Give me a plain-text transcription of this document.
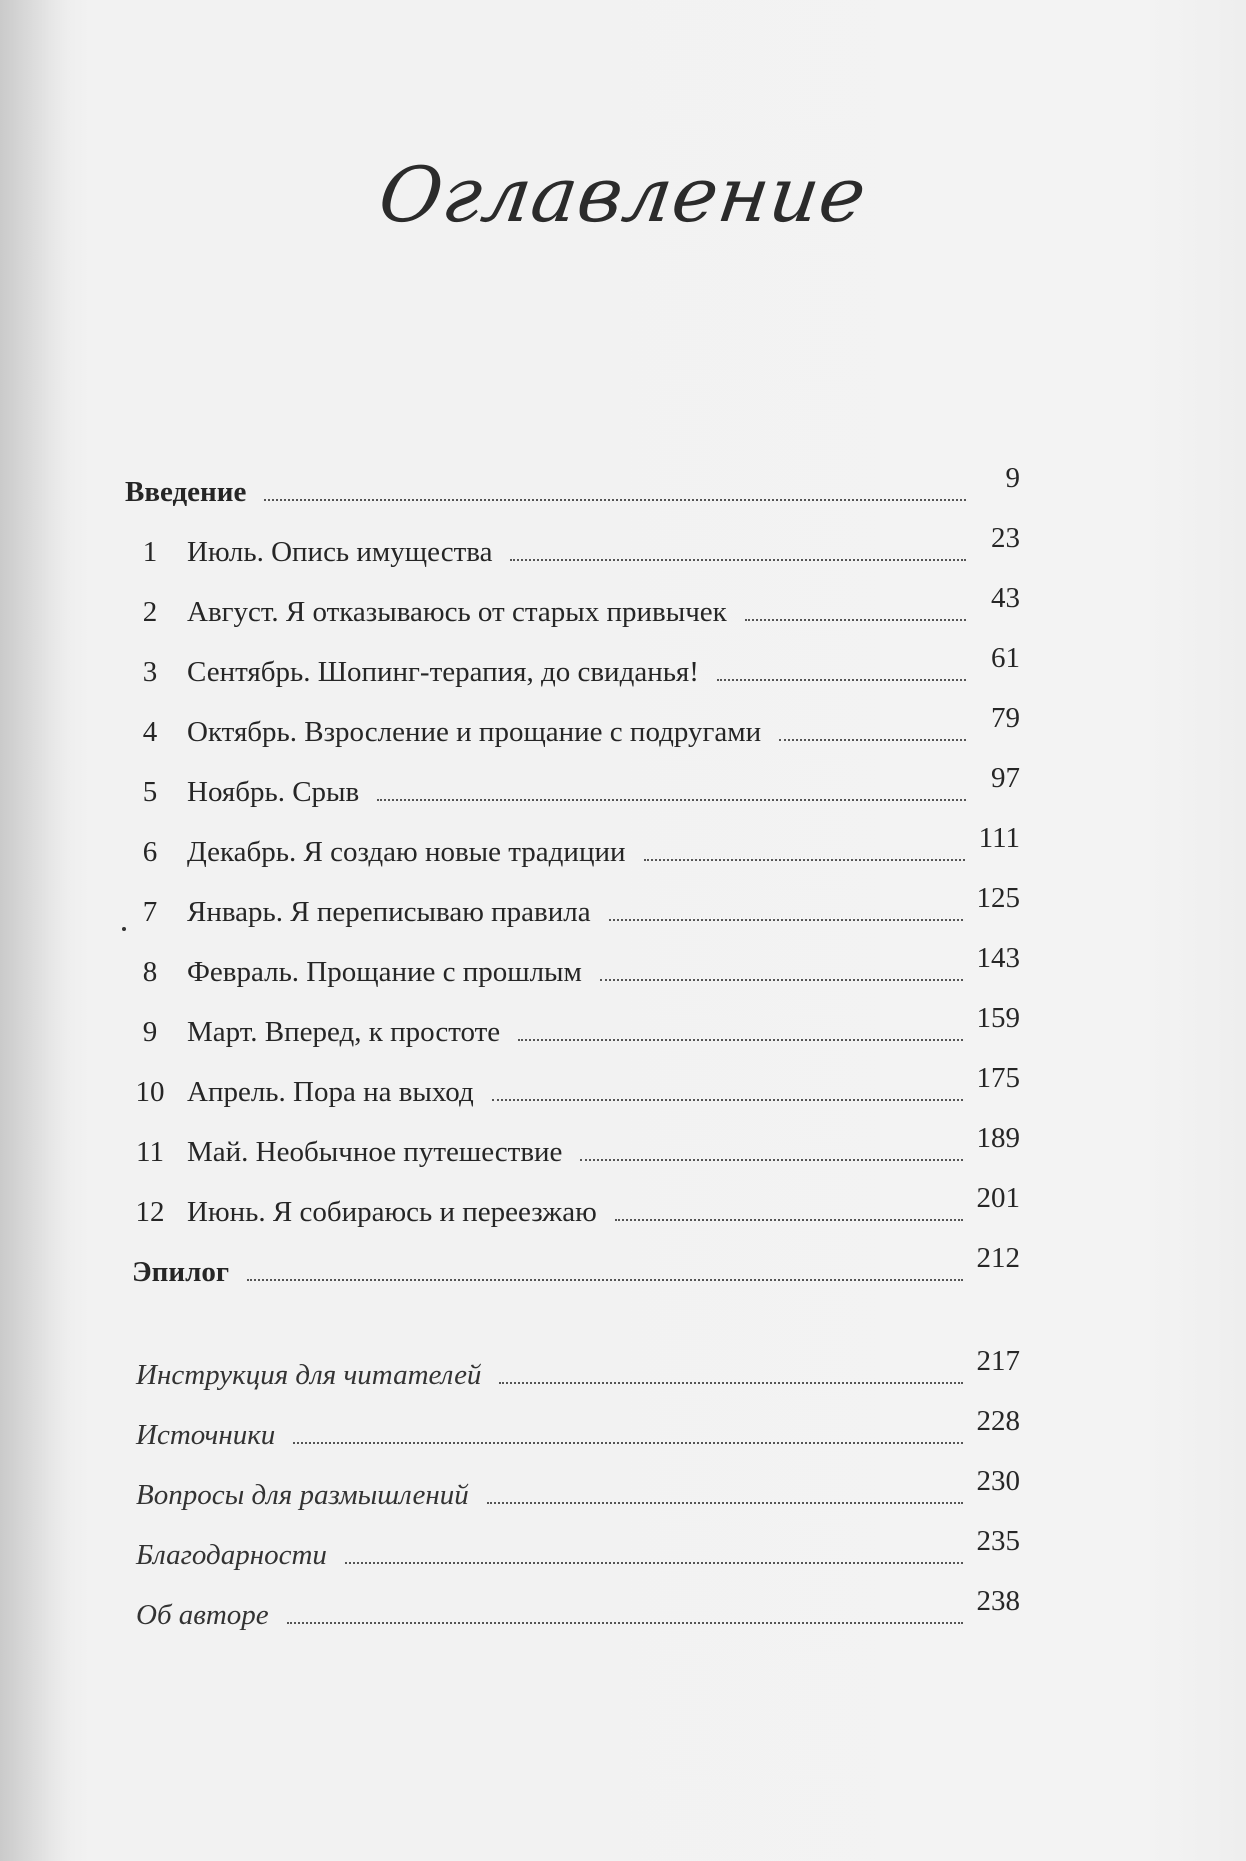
Оглавление
Введение	9
1	Июль. Опись имущества	23
2	Август. Я отказываюсь от старых привычек	43
3	Сентябрь. Шопинг-терапия, до свиданья!	61
4	Октябрь. Взросление и прощание с подругами	79
5	Ноябрь. Срыв	97
6	Декабрь. Я создаю новые традиции	111
7	Январь. Я переписываю правила	125
8	Февраль. Прощание с прошлым	143
9	Март. Вперед, к простоте	159
10 Апрель. Пора на выход	175
11 Май. Необычное путешествие	189
12 Июнь. Я собираюсь и переезжаю	201
Эпилог	212
Инструкция для читателей	217
Источники	228
Вопросы для размышлений	230
Благодарности	235
Об авторе	238
